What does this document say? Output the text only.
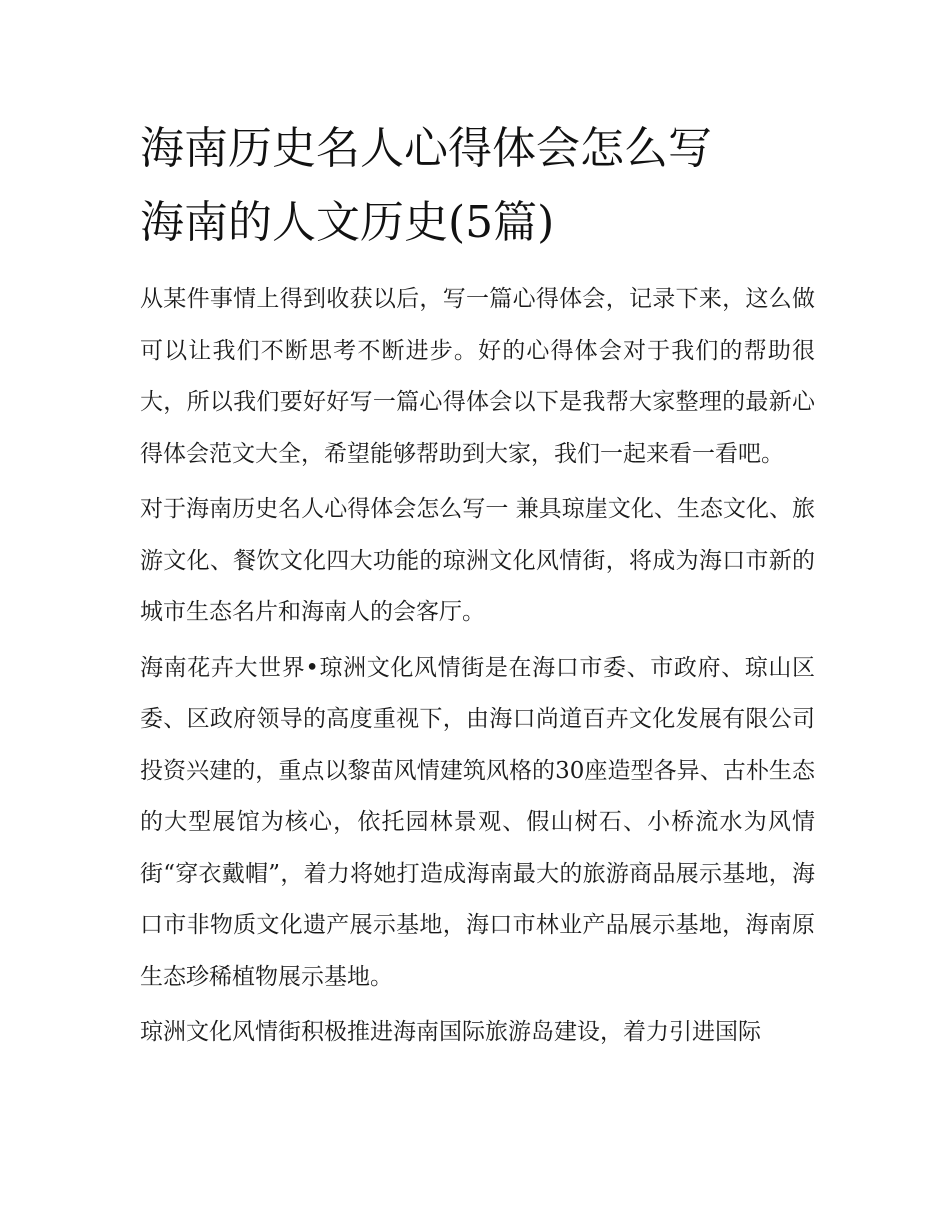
海南历史名人心得体会怎么写
海南的人文历史(5篇)

从某件事情上得到收获以后，写一篇心得体会，记录下来，这么做可以让我们不断思考不断进步。好的心得体会对于我们的帮助很大，所以我们要好好写一篇心得体会以下是我帮大家整理的最新心得体会范文大全，希望能够帮助到大家，我们一起来看一看吧。

对于海南历史名人心得体会怎么写一 兼具琼崖文化、生态文化、旅游文化、餐饮文化四大功能的琼洲文化风情街，将成为海口市新的城市生态名片和海南人的会客厅。

海南花卉大世界•琼洲文化风情街是在海口市委、市政府、琼山区委、区政府领导的高度重视下，由海口尚道百卉文化发展有限公司投资兴建的，重点以黎苗风情建筑风格的30座造型各异、古朴生态的大型展馆为核心，依托园林景观、假山树石、小桥流水为风情街“穿衣戴帽”，着力将她打造成海南最大的旅游商品展示基地，海口市非物质文化遗产展示基地，海口市林业产品展示基地，海南原生态珍稀植物展示基地。

琼洲文化风情街积极推进海南国际旅游岛建设，着力引进国际
